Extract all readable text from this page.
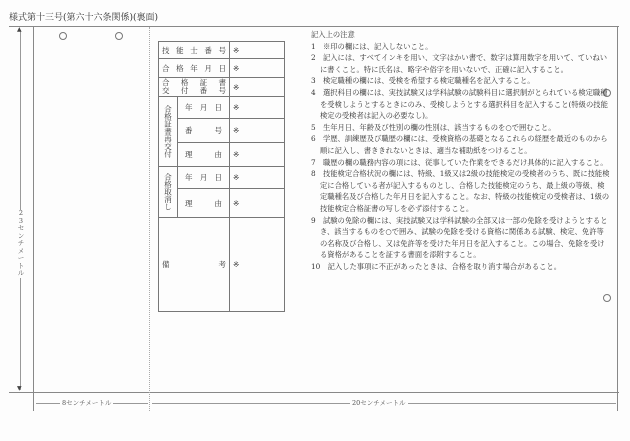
様式第十三号(第六十六条関係)(裏面)
▲
▼
23センチメートル
8センチメートル	20センチメートル
技能士番号		※

合格年月日		※

合格証書
交付番号		※
合格証書再交付	年 月 日	※

	番 号	※

	理 由	※
合格取消し	年 月 日	※

	理 由	※

備 考		※
記入上の注意
1　※印の欄には、記入しないこと。
2　記入には、すべてインキを用い、文字はかい書で、数字は算用数字を用いて、ていねいに書くこと。特に氏名は、略字や俗字を用いないで、正確に記入すること。
3　検定職種の欄には、受検を希望する検定職種名を記入すること。
4　選択科目の欄には、実技試験又は学科試験の試験科目に選択制がとられている検定職種を受検しようとするときにのみ、受検しようとする選択科目を記入すること(特級の技能検定の受検者は記入の必要なし)。
5　生年月日、年齢及び性別の欄の性別は、該当するものを○で囲むこと。
6　学歴、訓練歴及び職歴の欄には、受検資格の基礎となるこれらの経歴を最近のものから順に記入し、書ききれないときは、適当な補助紙をつけること。
7　職歴の欄の職務内容の項には、従事していた作業をできるだけ具体的に記入すること。
8　技能検定合格状況の欄には、特級、1級又は2級の技能検定の受検者のうち、既に技能検定に合格している者が記入するものとし、合格した技能検定のうち、最上級の等級、検定職種名及び合格した年月日を記入すること。なお、特級の技能検定の受検者は、1級の技能検定合格証書の写しを必ず添付すること。
9　試験の免除の欄には、実技試験又は学科試験の全部又は一部の免除を受けようとするとき、該当するものを○で囲み、試験の免除を受ける資格に関係ある試験、検定、免許等の名称及び合格し、又は免許等を受けた年月日を記入すること。この場合、免除を受ける資格があることを証する書面を添附すること。
10　記入した事項に不正があったときは、合格を取り消す場合があること。
